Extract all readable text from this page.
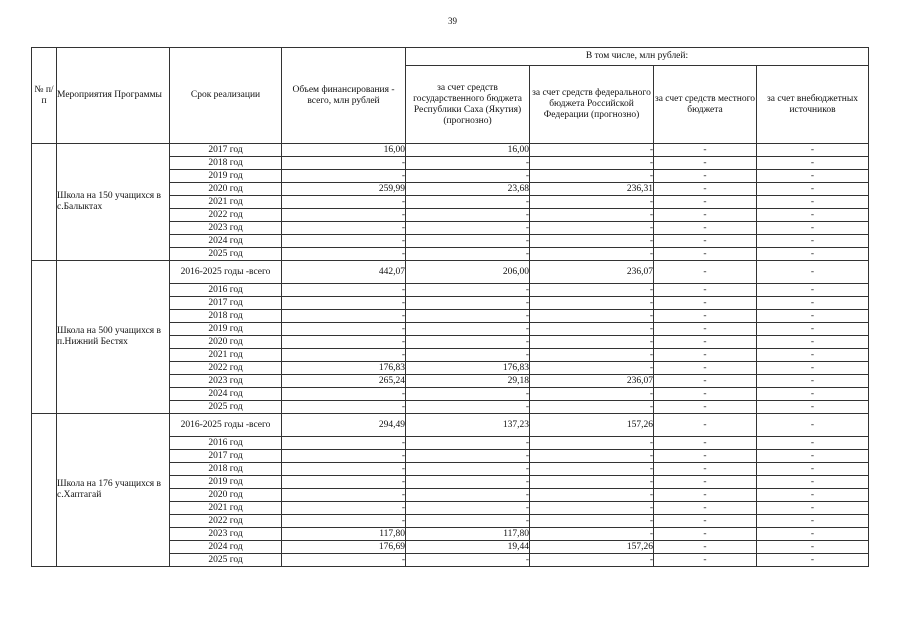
39
№ п/п	Мероприятия Программы	Срок реализации	Объем финансирования - всего, млн рублей	В том числе, млн рублей:			
				за счет средств государственного бюджета Республики Саха (Якутия) (прогнозно)	за счет средств федерального бюджета Российской Федерации (прогнозно)	за счет средств местного бюджета	за счет внебюджетных источников
	Школа на 150 учащихся в с.Балыктах	2017 год	16,00	16,00	-	-	-
		2018 год	-	-	-	-	-
		2019 год	-	-	-	-	-
		2020 год	259,99	23,68	236,31	-	-
		2021 год	-	-	-	-	-
		2022 год	-	-	-	-	-
		2023 год	-	-	-	-	-
		2024 год	-	-	-	-	-
		2025 год	-	-	-	-	-
	Школа на 500 учащихся в п.Нижний Бестях	2016-2025 годы -всего	442,07	206,00	236,07	-	-
		2016 год	-	-	-	-	-
		2017 год	-	-	-	-	-
		2018 год	-	-	-	-	-
		2019 год	-	-	-	-	-
		2020 год	-	-	-	-	-
		2021 год	-	-	-	-	-
		2022 год	176,83	176,83	-	-	-
		2023 год	265,24	29,18	236,07	-	-
		2024 год	-	-	-	-	-
		2025 год	-	-	-	-	-
	Школа на 176 учащихся в с.Хаптагай	2016-2025 годы -всего	294,49	137,23	157,26	-	-
		2016 год	-	-	-	-	-
		2017 год	-	-	-	-	-
		2018 год	-	-	-	-	-
		2019 год	-	-	-	-	-
		2020 год	-	-	-	-	-
		2021 год	-	-	-	-	-
		2022 год	-	-	-	-	-
		2023 год	117,80	117,80	-	-	-
		2024 год	176,69	19,44	157,26	-	-
		2025 год	-	-	-	-	-
